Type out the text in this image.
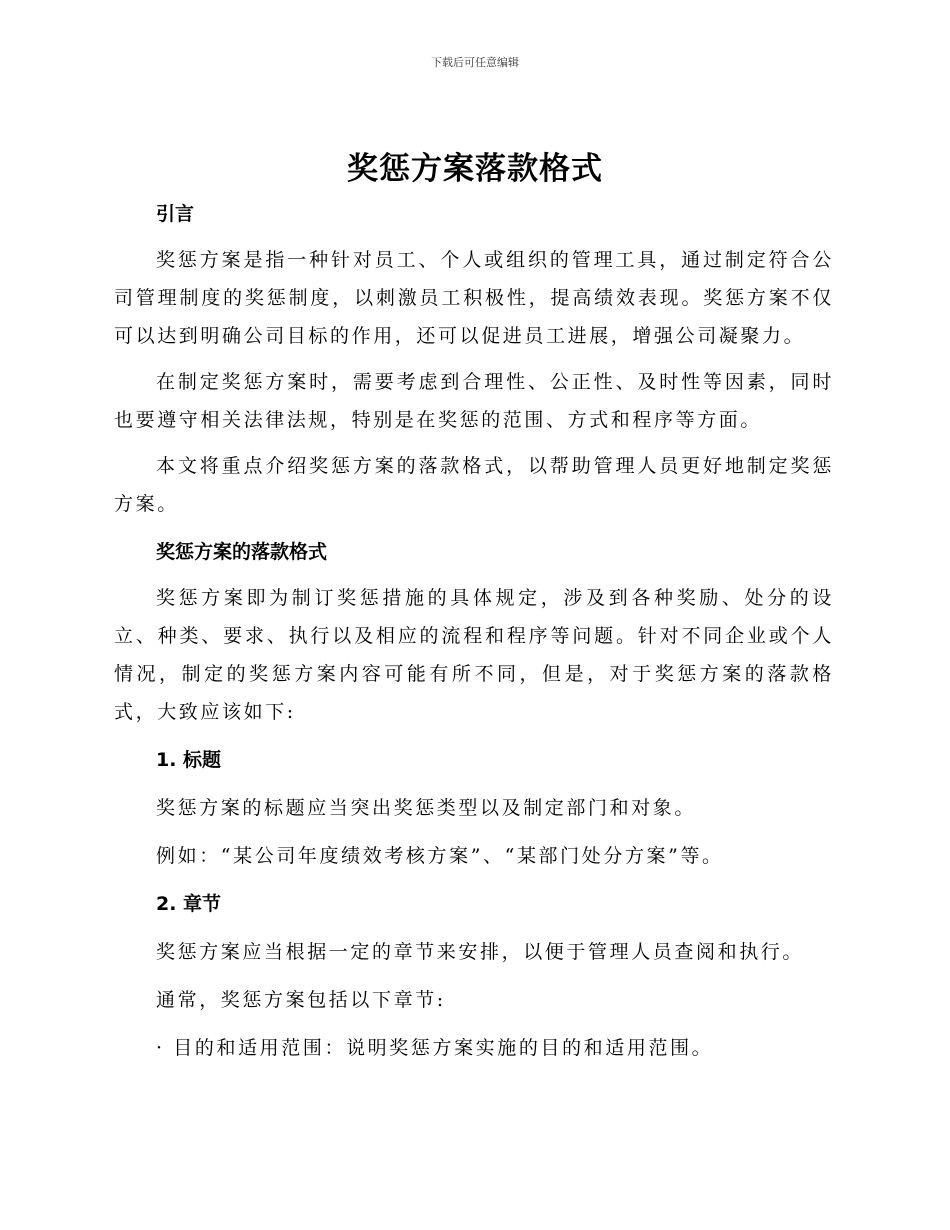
下载后可任意编辑
奖惩方案落款格式

引言

奖惩方案是指一种针对员工、个人或组织的管理工具，通过制定符合公司管理制度的奖惩制度，以刺激员工积极性，提高绩效表现。奖惩方案不仅可以达到明确公司目标的作用，还可以促进员工进展，增强公司凝聚力。

在制定奖惩方案时，需要考虑到合理性、公正性、及时性等因素，同时也要遵守相关法律法规，特别是在奖惩的范围、方式和程序等方面。

本文将重点介绍奖惩方案的落款格式，以帮助管理人员更好地制定奖惩方案。

奖惩方案的落款格式

奖惩方案即为制订奖惩措施的具体规定，涉及到各种奖励、处分的设立、种类、要求、执行以及相应的流程和程序等问题。针对不同企业或个人情况，制定的奖惩方案内容可能有所不同，但是，对于奖惩方案的落款格式，大致应该如下:

1. 标题

奖惩方案的标题应当突出奖惩类型以及制定部门和对象。

例如：“某公司年度绩效考核方案”、“某部门处分方案”等。

2. 章节

奖惩方案应当根据一定的章节来安排，以便于管理人员查阅和执行。

通常，奖惩方案包括以下章节:

· 目的和适用范围：说明奖惩方案实施的目的和适用范围。
